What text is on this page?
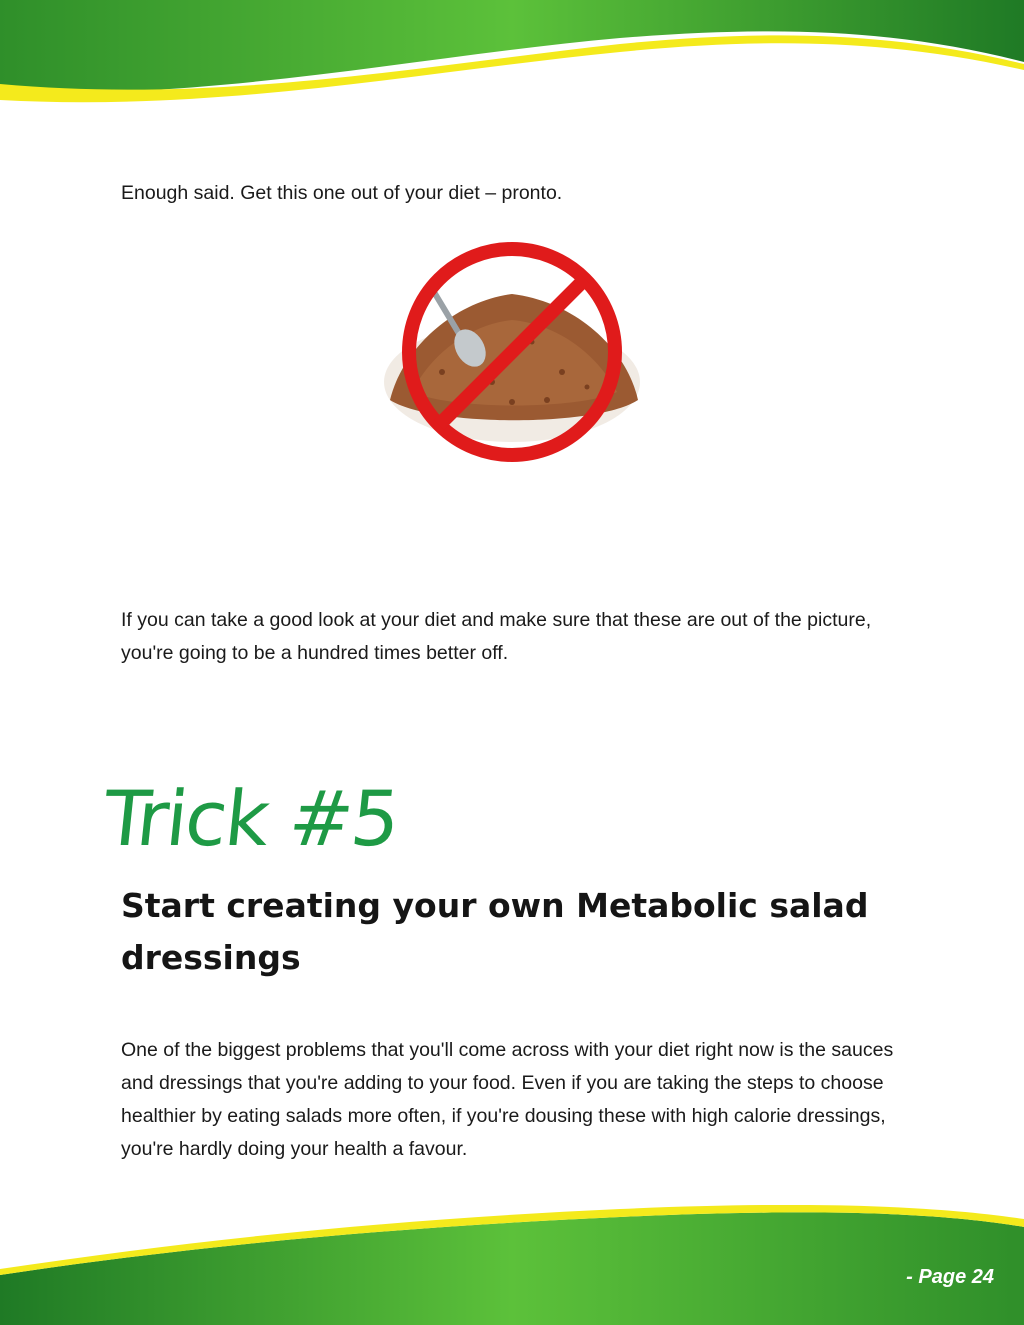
Enough said. Get this one out of your diet – pronto.

If you can take a good look at your diet and make sure that these are out of the picture, you're going to be a hundred times better off.

Trick #5
Start creating your own Metabolic salad dressings

One of the biggest problems that you'll come across with your diet right now is the sauces and dressings that you're adding to your food. Even if you are taking the steps to choose healthier by eating salads more often, if you're dousing these with high calorie dressings, you're hardly doing your health a favour.

- Page 24
